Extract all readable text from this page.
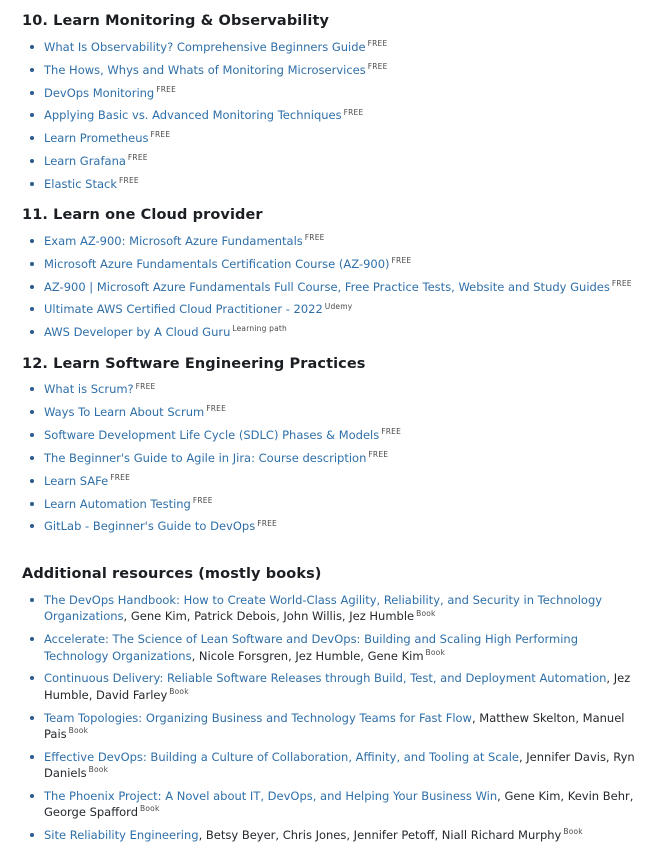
10. Learn Monitoring & Observability
What Is Observability? Comprehensive Beginners Guide $^{FREE}$
The Hows, Whys and Whats of Monitoring Microservices $^{FREE}$
DevOps Monitoring $^{FREE}$
Applying Basic vs. Advanced Monitoring Techniques $^{FREE}$
Learn Prometheus $^{FREE}$
Learn Grafana $^{FREE}$
Elastic Stack $^{FREE}$
11. Learn one Cloud provider
Exam AZ-900: Microsoft Azure Fundamentals $^{FREE}$
Microsoft Azure Fundamentals Certification Course (AZ-900) $^{FREE}$
AZ-900 | Microsoft Azure Fundamentals Full Course, Free Practice Tests, Website and Study Guides $^{FREE}$
Ultimate AWS Certified Cloud Practitioner - 2022 $^{Udemy}$
AWS Developer by A Cloud Guru $^{Learning path}$
12. Learn Software Engineering Practices
What is Scrum? $^{FREE}$
Ways To Learn About Scrum $^{FREE}$
Software Development Life Cycle (SDLC) Phases & Models $^{FREE}$
The Beginner's Guide to Agile in Jira: Course description $^{FREE}$
Learn SAFe $^{FREE}$
Learn Automation Testing $^{FREE}$
GitLab - Beginner's Guide to DevOps $^{FREE}$
Additional resources (mostly books)
The DevOps Handbook: How to Create World-Class Agility, Reliability, and Security in Technology Organizations, Gene Kim, Patrick Debois, John Willis, Jez Humble $^{Book}$
Accelerate: The Science of Lean Software and DevOps: Building and Scaling High Performing Technology Organizations, Nicole Forsgren, Jez Humble, Gene Kim $^{Book}$
Continuous Delivery: Reliable Software Releases through Build, Test, and Deployment Automation, Jez Humble, David Farley $^{Book}$
Team Topologies: Organizing Business and Technology Teams for Fast Flow, Matthew Skelton, Manuel Pais $^{Book}$
Effective DevOps: Building a Culture of Collaboration, Affinity, and Tooling at Scale, Jennifer Davis, Ryn Daniels $^{Book}$
The Phoenix Project: A Novel about IT, DevOps, and Helping Your Business Win, Gene Kim, Kevin Behr, George Spafford $^{Book}$
Site Reliability Engineering, Betsy Beyer, Chris Jones, Jennifer Petoff, Niall Richard Murphy $^{Book}$
